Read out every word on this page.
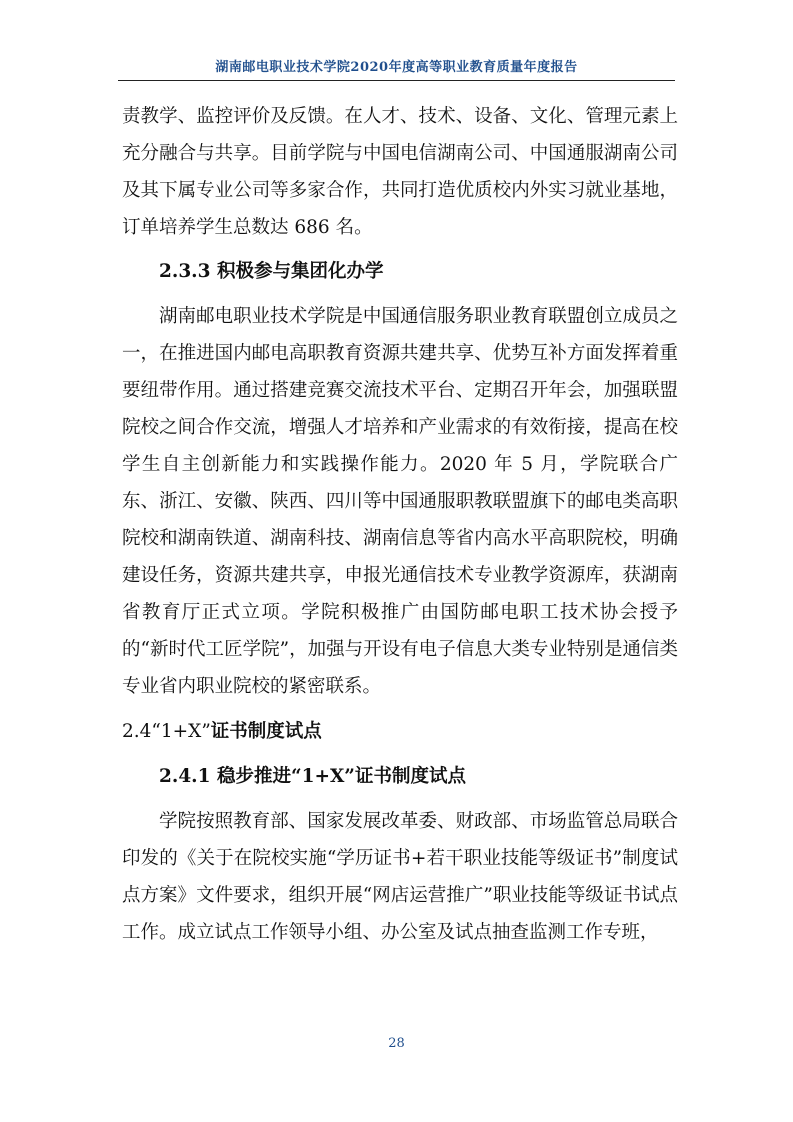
湖南邮电职业技术学院2020年度高等职业教育质量年度报告

责教学、监控评价及反馈。在人才、技术、设备、文化、管理元素上充分融合与共享。目前学院与中国电信湖南公司、中国通服湖南公司及其下属专业公司等多家合作，共同打造优质校内外实习就业基地，订单培养学生总数达 686 名。

2.3.3 积极参与集团化办学

湖南邮电职业技术学院是中国通信服务职业教育联盟创立成员之一，在推进国内邮电高职教育资源共建共享、优势互补方面发挥着重要纽带作用。通过搭建竞赛交流技术平台、定期召开年会，加强联盟院校之间合作交流，增强人才培养和产业需求的有效衔接，提高在校学生自主创新能力和实践操作能力。2020 年 5 月，学院联合广东、浙江、安徽、陕西、四川等中国通服职教联盟旗下的邮电类高职院校和湖南铁道、湖南科技、湖南信息等省内高水平高职院校，明确建设任务，资源共建共享，申报光通信技术专业教学资源库，获湖南省教育厅正式立项。学院积极推广由国防邮电职工技术协会授予的“新时代工匠学院”，加强与开设有电子信息大类专业特别是通信类专业省内职业院校的紧密联系。

2.4“1+X”证书制度试点
2.4.1 稳步推进“1+X”证书制度试点

学院按照教育部、国家发展改革委、财政部、市场监管总局联合印发的《关于在院校实施“学历证书+若干职业技能等级证书”制度试点方案》文件要求，组织开展“网店运营推广”职业技能等级证书试点工作。成立试点工作领导小组、办公室及试点抽查监测工作专班，

28
